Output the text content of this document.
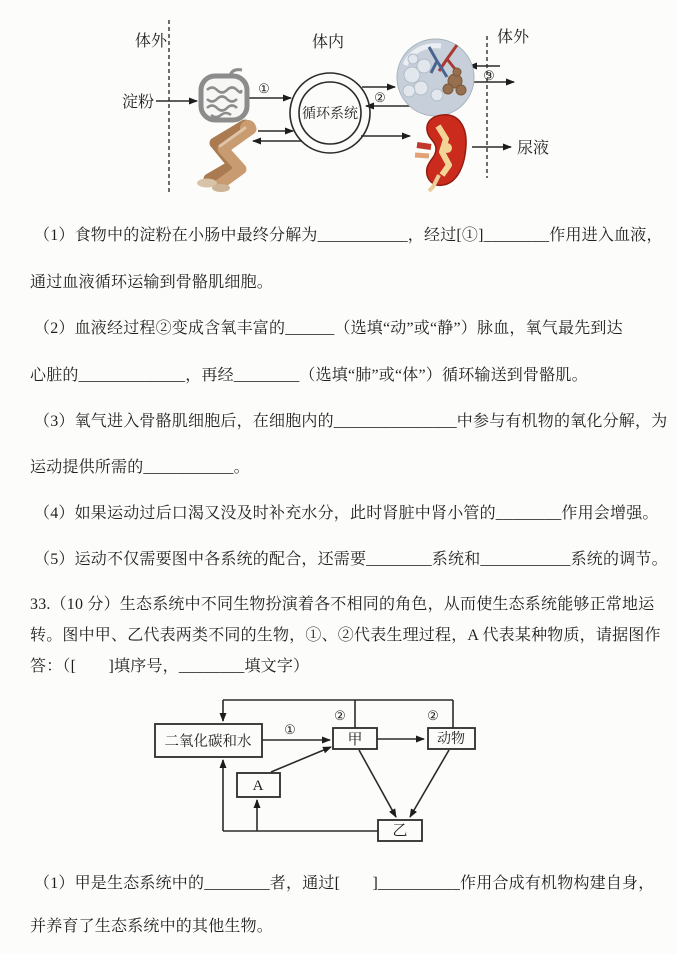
体外	体内	体外
淀粉
循环系统
尿液
①
②
③
（1）食物中的淀粉在小肠中最终分解为___________，经过[①]________作用进入血液，
通过血液循环运输到骨骼肌细胞。
（2）血液经过程②变成含氧丰富的______（选填“动”或“静”）脉血，氧气最先到达
心脏的_____________，再经________（选填“肺”或“体”）循环输送到骨骼肌。
（3）氧气进入骨骼肌细胞后，在细胞内的_______________中参与有机物的氧化分解，为
运动提供所需的___________。
（4）如果运动过后口渴又没及时补充水分，此时肾脏中肾小管的________作用会增强。
（5）运动不仅需要图中各系统的配合，还需要________系统和___________系统的调节。
33.（10 分）生态系统中不同生物扮演着各不相同的角色，从而使生态系统能够正常地运
转。图中甲、乙代表两类不同的生物，①、②代表生理过程，A 代表某种物质，请据图作
答：（[　　]填序号，________填文字）
二氧化碳和水	甲	动物
A
乙
①
②	②
（1）甲是生态系统中的________者，通过[　　]__________作用合成有机物构建自身，
并养育了生态系统中的其他生物。
